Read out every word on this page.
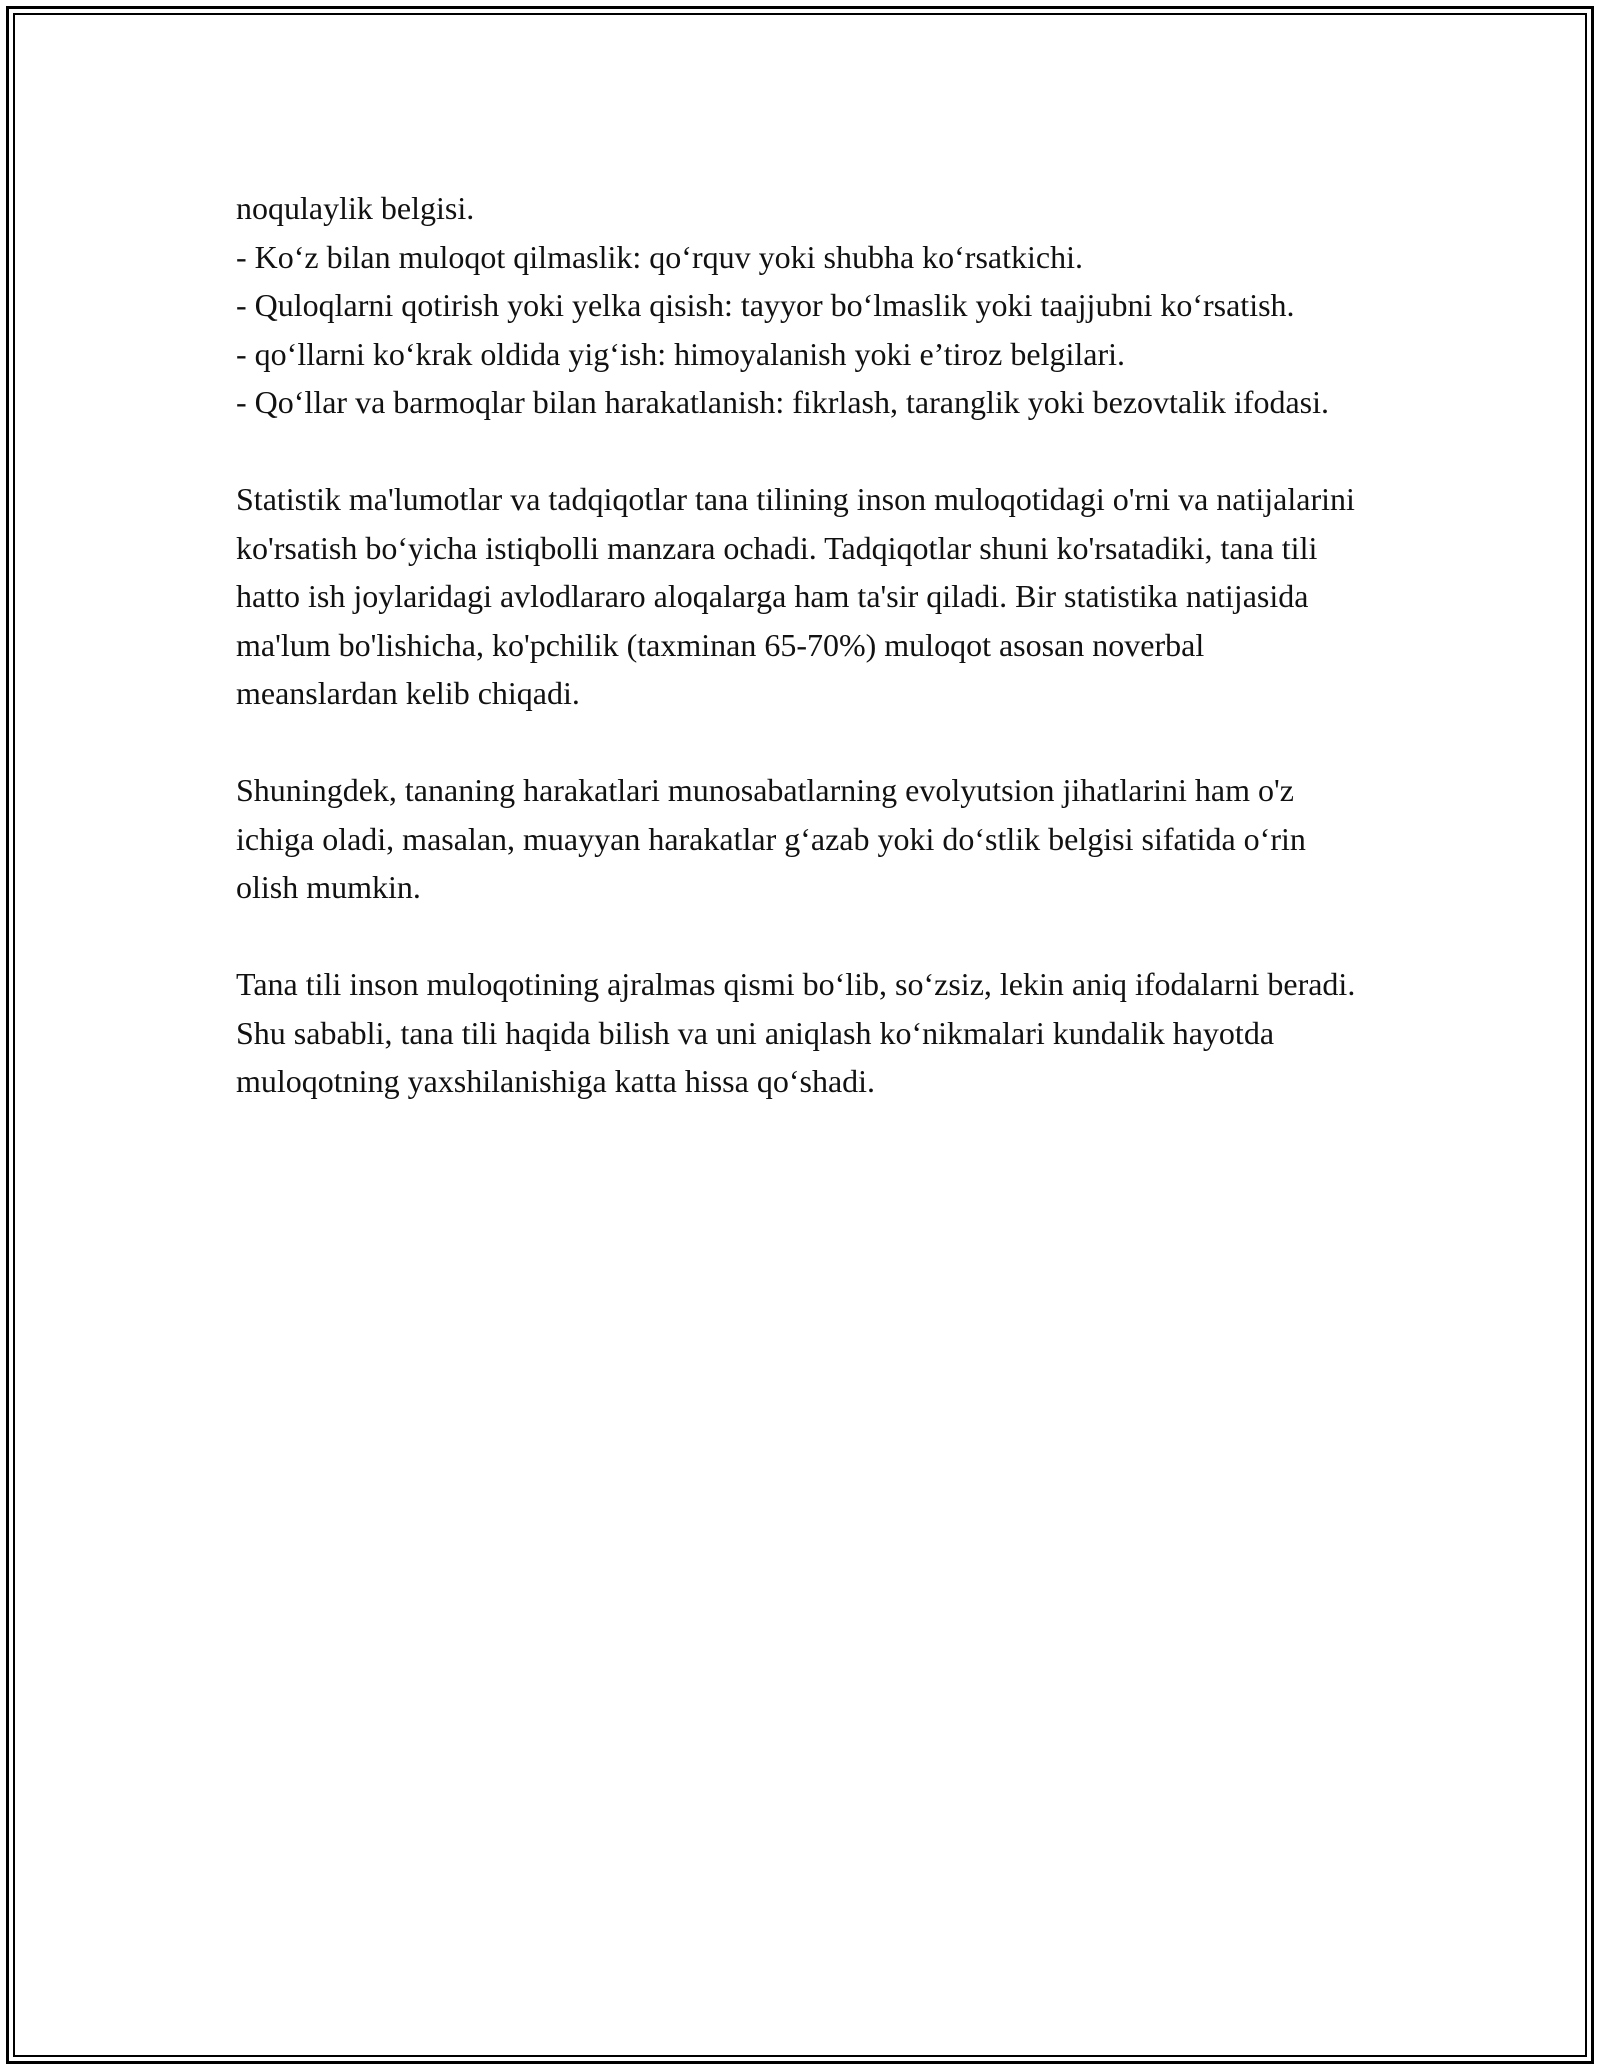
noqulaylik belgisi.

- Ko‘z bilan muloqot qilmaslik: qo‘rquv yoki shubha ko‘rsatkichi.

- Quloqlarni qotirish yoki yelka qisish: tayyor bo‘lmaslik yoki taajjubni ko‘rsatish.

- qo‘llarni ko‘krak oldida yig‘ish: himoyalanish yoki e’tiroz belgilari.

- Qo‘llar va barmoqlar bilan harakatlanish: fikrlash, taranglik yoki bezovtalik ifodasi.

Statistik ma'lumotlar va tadqiqotlar tana tilining inson muloqotidagi o'rni va natijalarini ko'rsatish bo‘yicha istiqbolli manzara ochadi. Tadqiqotlar shuni ko'rsatadiki, tana tili hatto ish joylaridagi avlodlararo aloqalarga ham ta'sir qiladi. Bir statistika natijasida ma'lum bo'lishicha, ko'pchilik (taxminan 65-70%) muloqot asosan noverbal meanslardan kelib chiqadi.

Shuningdek, tananing harakatlari munosabatlarning evolyutsion jihatlarini ham o'z ichiga oladi, masalan, muayyan harakatlar g‘azab yoki do‘stlik belgisi sifatida o‘rin olish mumkin.

Tana tili inson muloqotining ajralmas qismi bo‘lib, so‘zsiz, lekin aniq ifodalarni beradi. Shu sababli, tana tili haqida bilish va uni aniqlash ko‘nikmalari kundalik hayotda muloqotning yaxshilanishiga katta hissa qo‘shadi.
